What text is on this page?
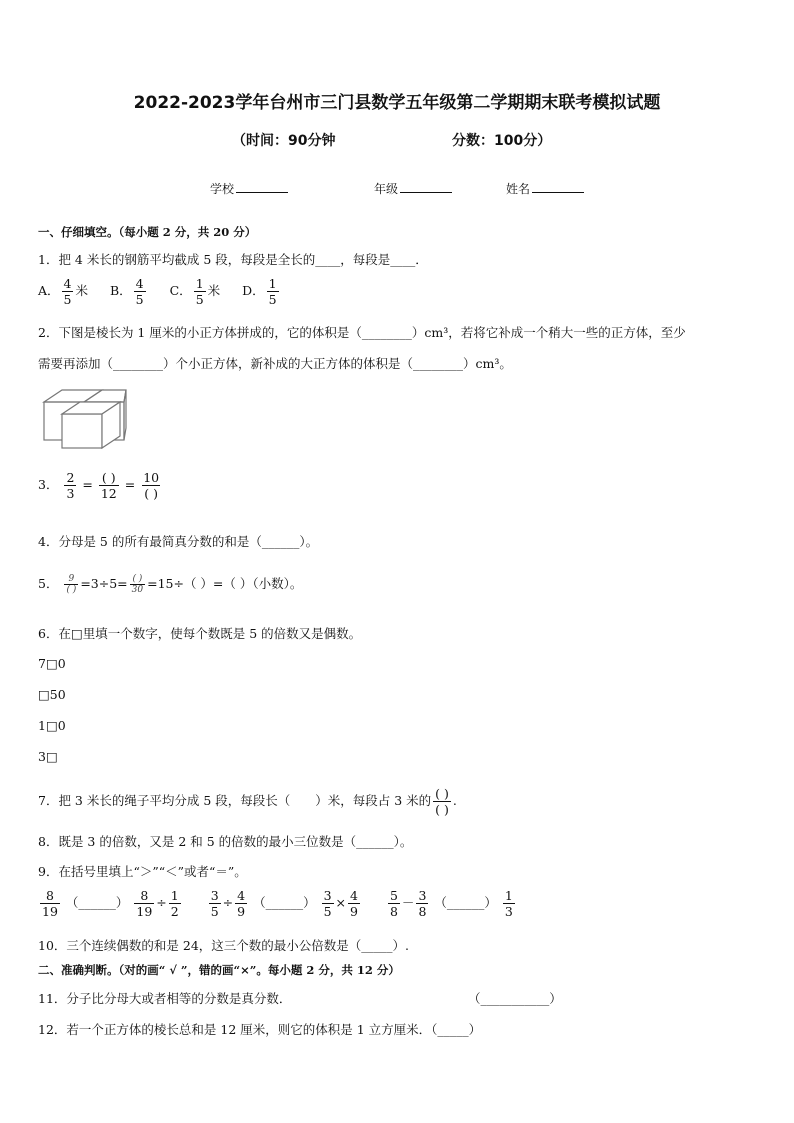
2022-2023学年台州市三门县数学五年级第二学期期末联考模拟试题
（时间：90分钟	分数：100分）
学校	年级	姓名
一、仔细填空。（每小题 2 分，共 20 分）
1．把 4 米长的钢筋平均截成 5 段，每段是全长的____，每段是____．
A． $\frac{4}{5}$ 米 B． $\frac{4}{5}$ C． $\frac{1}{5}$ 米 D． $\frac{1}{5}$
2．下图是棱长为 1 厘米的小正方体拼成的，它的体积是（________）cm³，若将它补成一个稍大一些的正方体，至少
需要再添加（________）个小正方体，新补成的大正方体的体积是（________）cm³。
3． $\frac{2}{3} = \frac{( )}{12} = \frac{10}{( )}$
4．分母是 5 的所有最简真分数的和是（______）。
5． $\frac{9}{( )} =3\div 5= \frac{( )}{30} =15\div$（ ）=（ ）（小数）。
6．在□里填一个数字，使每个数既是 5 的倍数又是偶数。
7□0
□50
1□0
3□
7．把 3 米长的绳子平均分成 5 段，每段长（　　）米，每段占 3 米的 $\frac{( )}{( )}$ .
8．既是 3 的倍数，又是 2 和 5 的倍数的最小三位数是（______）。
9．在括号里填上“＞”“＜”或者“＝”。
$\frac{8}{19}$ （______） $\frac{8}{19} \div \frac{1}{2}$
$\frac{3}{5} \div \frac{4}{9}$ （______） $\frac{3}{5} \times \frac{4}{9}$
$\frac{5}{8} - \frac{3}{8}$ （______） $\frac{1}{3}$
10．三个连续偶数的和是 24，这三个数的最小公倍数是（_____）.
二、准确判断。（对的画“ √ ”，错的画“×”。每小题 2 分，共 12 分）
11．分子比分母大或者相等的分数是真分数．	（___________）
12．若一个正方体的棱长总和是 12 厘米，则它的体积是 1 立方厘米．（_____）
